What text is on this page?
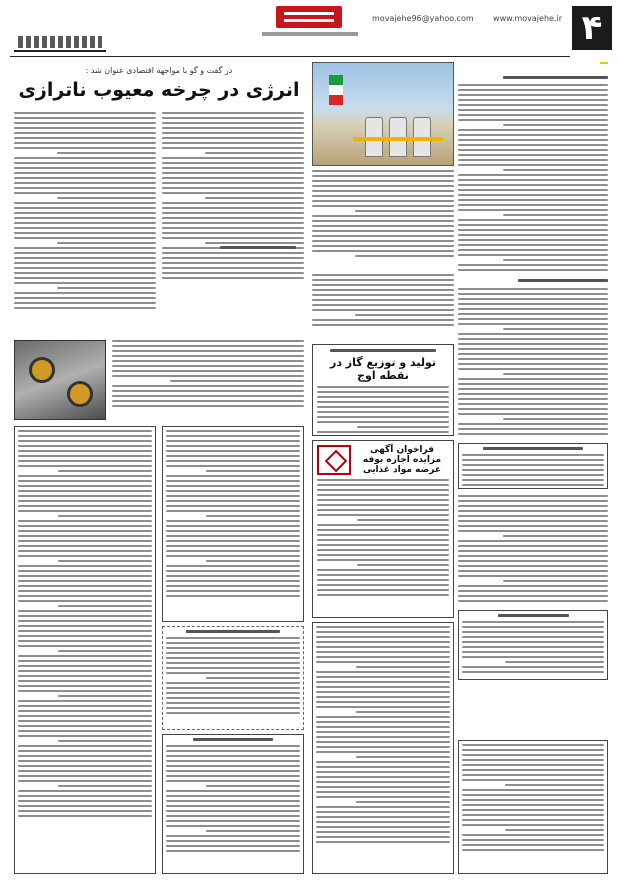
۴
movajehe96@yahoo.com www.movajehe.ir
در گفت و گو با مواجهه اقتصادی عنوان شد :
انرژی در چرخه معیوب ناترازی
تولید و توزیع گاز در نقطه اوج
فراخوان آگهی مزایده اجاره بوفه عرضه مواد غذایی
